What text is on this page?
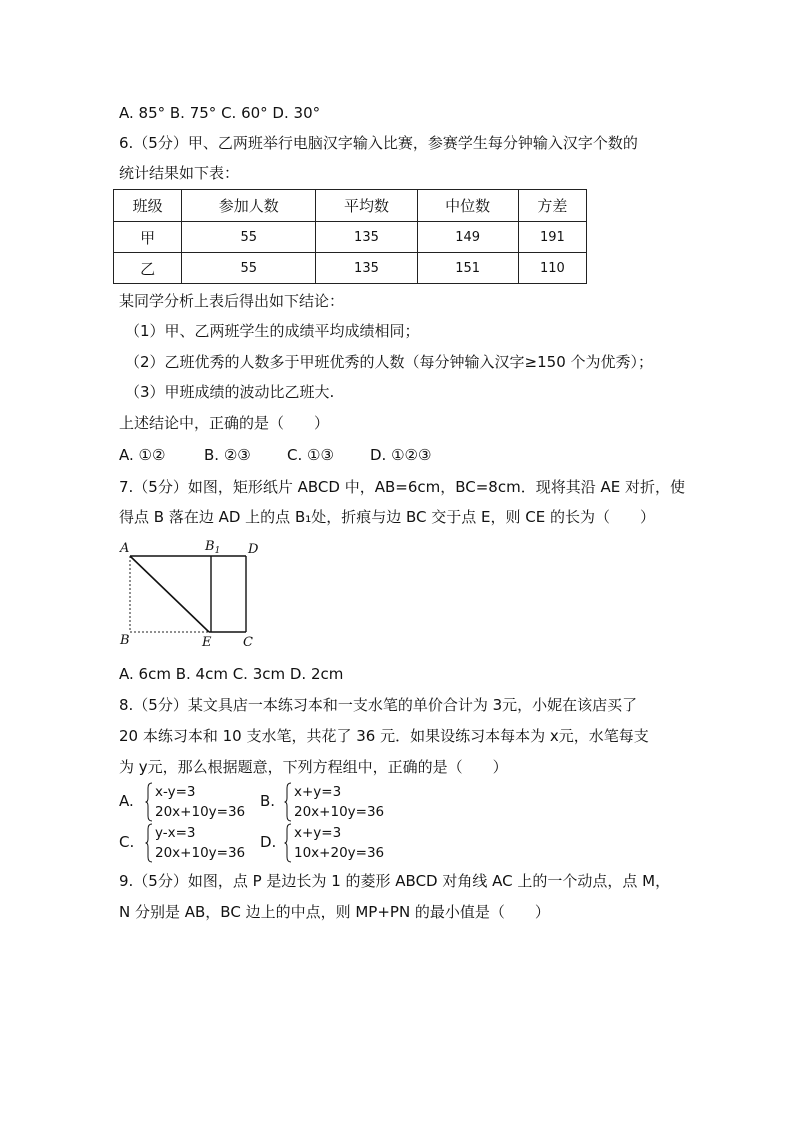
A. 85° B. 75° C. 60° D. 30°
6.（5分）甲、乙两班举行电脑汉字输入比赛，参赛学生每分钟输入汉字个数的
统计结果如下表：
班级	参加人数	平均数	中位数	方差
甲	55	135	149	191
乙	55	135	151	110
某同学分析上表后得出如下结论：
（1）甲、乙两班学生的成绩平均成绩相同；
（2）乙班优秀的人数多于甲班优秀的人数（每分钟输入汉字≥150 个为优秀）；
（3）甲班成绩的波动比乙班大.
上述结论中，正确的是（　　）
A. ①②	B. ②③ C. ①③ D. ①②③
7.（5分）如图，矩形纸片 ABCD 中，AB=6cm，BC=8cm．现将其沿 AE 对折，使
得点 B 落在边 AD 上的点 B₁处，折痕与边 BC 交于点 E，则 CE 的长为（　　）
A	$B_1$ D
B	E C
A. 6cm B. 4cm C. 3cm D. 2cm
8.（5分）某文具店一本练习本和一支水笔的单价合计为 3元，小妮在该店买了
20 本练习本和 10 支水笔，共花了 36 元．如果设练习本每本为 x元，水笔每支
为 y元，那么根据题意，下列方程组中，正确的是（　　）
A. x-y=3
20x+10y=36
B. x+y=3
20x+10y=36
C. y-x=3
20x+10y=36
D. x+y=3
10x+20y=36
9.（5分）如图，点 P 是边长为 1 的菱形 ABCD 对角线 AC 上的一个动点，点 M，
N 分别是 AB，BC 边上的中点，则 MP+PN 的最小值是（　　）
